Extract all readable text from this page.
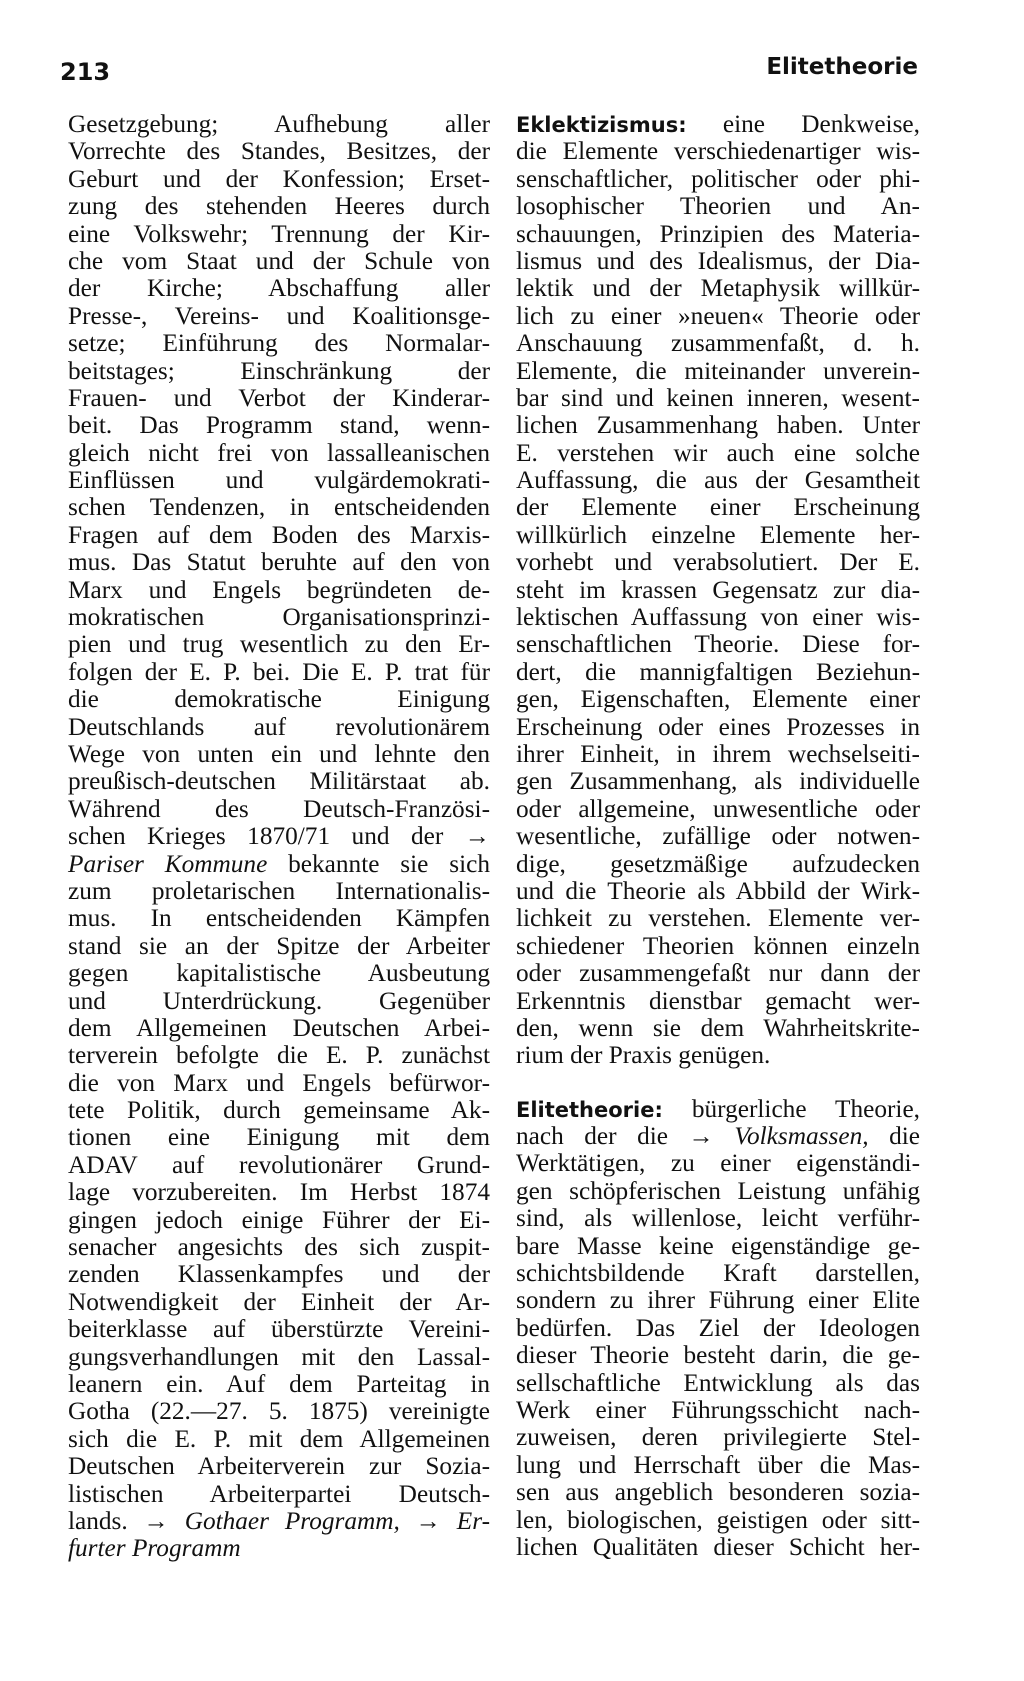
213	Elitetheorie

Gesetzgebung; Aufhebung aller

Vorrechte des Standes, Besitzes, der

Geburt und der Konfession; Erset-

zung des stehenden Heeres durch

eine Volkswehr; Trennung der Kir-

che vom Staat und der Schule von

der Kirche; Abschaffung aller

Presse-, Vereins- und Koalitionsge-

setze; Einführung des Normalar-

beitstages; Einschränkung der

Frauen- und Verbot der Kinderar-

beit. Das Programm stand, wenn-

gleich nicht frei von lassalleanischen

Einflüssen und vulgärdemokrati-

schen Tendenzen, in entscheidenden

Fragen auf dem Boden des Marxis-

mus. Das Statut beruhte auf den von

Marx und Engels begründeten de-

mokratischen Organisationsprinzi-

pien und trug wesentlich zu den Er-

folgen der E. P. bei. Die E. P. trat für

die demokratische Einigung

Deutschlands auf revolutionärem

Wege von unten ein und lehnte den

preußisch-deutschen Militärstaat ab.

Während des Deutsch-Französi-

schen Krieges 1870/71 und der →

Pariser Kommune bekannte sie sich

zum proletarischen Internationalis-

mus. In entscheidenden Kämpfen

stand sie an der Spitze der Arbeiter

gegen kapitalistische Ausbeutung

und Unterdrückung. Gegenüber

dem Allgemeinen Deutschen Arbei-

terverein befolgte die E. P. zunächst

die von Marx und Engels befürwor-

tete Politik, durch gemeinsame Ak-

tionen eine Einigung mit dem

ADAV auf revolutionärer Grund-

lage vorzubereiten. Im Herbst 1874

gingen jedoch einige Führer der Ei-

senacher angesichts des sich zuspit-

zenden Klassenkampfes und der

Notwendigkeit der Einheit der Ar-

beiterklasse auf überstürzte Vereini-

gungsverhandlungen mit den Lassal-

leanern ein. Auf dem Parteitag in

Gotha (22.—27. 5. 1875) vereinigte

sich die E. P. mit dem Allgemeinen

Deutschen Arbeiterverein zur Sozia-

listischen Arbeiterpartei Deutsch-

lands. → Gothaer Programm, → Er-

furter Programm

Eklektizismus: eine Denkweise,

die Elemente verschiedenartiger wis-

senschaftlicher, politischer oder phi-

losophischer Theorien und An-

schauungen, Prinzipien des Materia-

lismus und des Idealismus, der Dia-

lektik und der Metaphysik willkür-

lich zu einer »neuen« Theorie oder

Anschauung zusammenfaßt, d. h.

Elemente, die miteinander unverein-

bar sind und keinen inneren, wesent-

lichen Zusammenhang haben. Unter

E. verstehen wir auch eine solche

Auffassung, die aus der Gesamtheit

der Elemente einer Erscheinung

willkürlich einzelne Elemente her-

vorhebt und verabsolutiert. Der E.

steht im krassen Gegensatz zur dia-

lektischen Auffassung von einer wis-

senschaftlichen Theorie. Diese for-

dert, die mannigfaltigen Beziehun-

gen, Eigenschaften, Elemente einer

Erscheinung oder eines Prozesses in

ihrer Einheit, in ihrem wechselseiti-

gen Zusammenhang, als individuelle

oder allgemeine, unwesentliche oder

wesentliche, zufällige oder notwen-

dige, gesetzmäßige aufzudecken

und die Theorie als Abbild der Wirk-

lichkeit zu verstehen. Elemente ver-

schiedener Theorien können einzeln

oder zusammengefaßt nur dann der

Erkenntnis dienstbar gemacht wer-

den, wenn sie dem Wahrheitskrite-

rium der Praxis genügen.

Elitetheorie: bürgerliche Theorie,

nach der die → Volksmassen, die

Werktätigen, zu einer eigenständi-

gen schöpferischen Leistung unfähig

sind, als willenlose, leicht verführ-

bare Masse keine eigenständige ge-

schichtsbildende Kraft darstellen,

sondern zu ihrer Führung einer Elite

bedürfen. Das Ziel der Ideologen

dieser Theorie besteht darin, die ge-

sellschaftliche Entwicklung als das

Werk einer Führungsschicht nach-

zuweisen, deren privilegierte Stel-

lung und Herrschaft über die Mas-

sen aus angeblich besonderen sozia-

len, biologischen, geistigen oder sitt-

lichen Qualitäten dieser Schicht her-
